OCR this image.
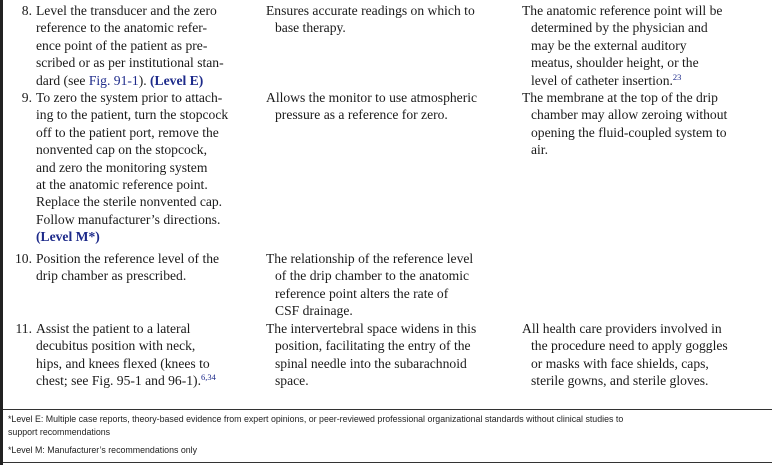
8. Level the transducer and the zero
reference to the anatomic refer-
ence point of the patient as pre-
scribed or as per institutional stan-
dard (see Fig. 91-1). (Level E)
Ensures accurate readings on which to
base therapy.
The anatomic reference point will be
determined by the physician and
may be the external auditory
meatus, shoulder height, or the
level of catheter insertion.$^{23}$
9. To zero the system prior to attach-
ing to the patient, turn the stopcock
off to the patient port, remove the
nonvented cap on the stopcock,
and zero the monitoring system
at the anatomic reference point.
Replace the sterile nonvented cap.
Follow manufacturer’s directions.
(Level M*)
Allows the monitor to use atmospheric
pressure as a reference for zero.
The membrane at the top of the drip
chamber may allow zeroing without
opening the fluid-coupled system to
air.
10. Position the reference level of the
drip chamber as prescribed.
The relationship of the reference level
of the drip chamber to the anatomic
reference point alters the rate of
CSF drainage.
11. Assist the patient to a lateral
decubitus position with neck,
hips, and knees flexed (knees to
chest; see Fig. 95-1 and 96-1).$^{6,34}$
The intervertebral space widens in this
position, facilitating the entry of the
spinal needle into the subarachnoid
space.
All health care providers involved in
the procedure need to apply goggles
or masks with face shields, caps,
sterile gowns, and sterile gloves.
*Level E: Multiple case reports, theory-based evidence from expert opinions, or peer-reviewed professional organizational standards without clinical studies to
support recommendations
*Level M: Manufacturer’s recommendations only
